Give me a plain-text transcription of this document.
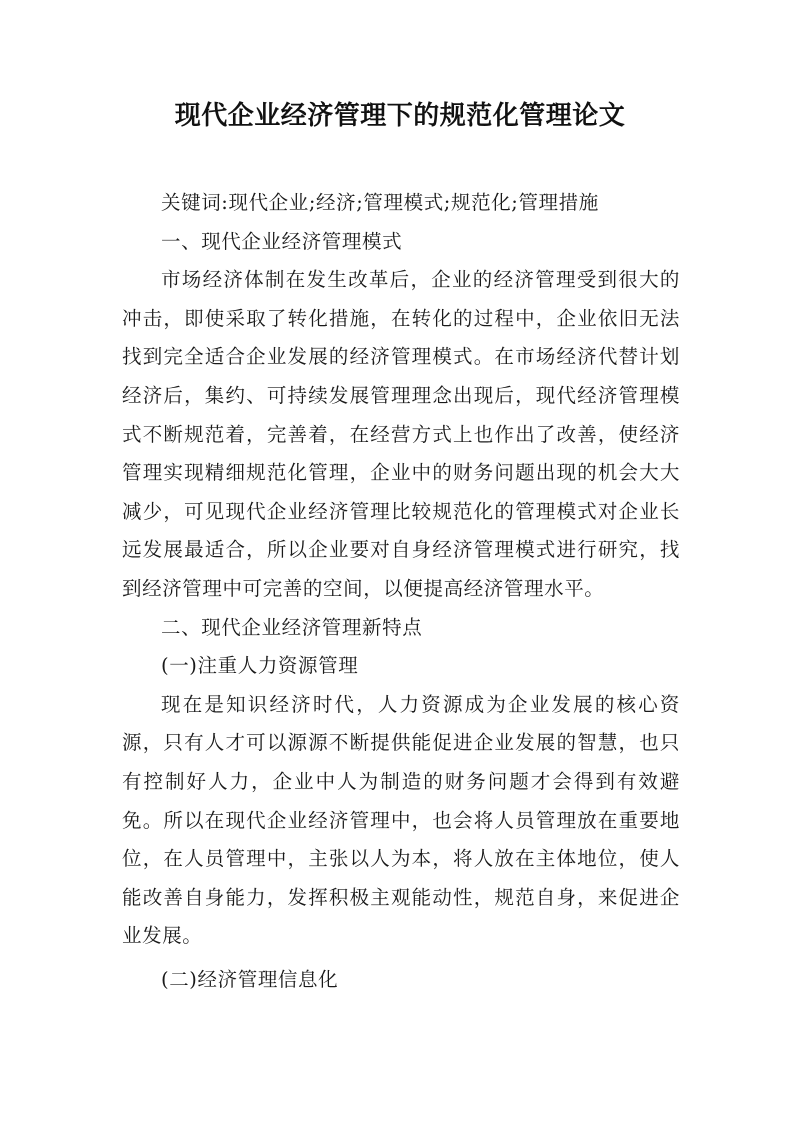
现代企业经济管理下的规范化管理论文

关键词:现代企业;经济;管理模式;规范化;管理措施

一、现代企业经济管理模式

市场经济体制在发生改革后，企业的经济管理受到很大的冲击，即使采取了转化措施，在转化的过程中，企业依旧无法找到完全适合企业发展的经济管理模式。在市场经济代替计划经济后，集约、可持续发展管理理念出现后，现代经济管理模式不断规范着，完善着，在经营方式上也作出了改善，使经济管理实现精细规范化管理，企业中的财务问题出现的机会大大减少，可见现代企业经济管理比较规范化的管理模式对企业长远发展最适合，所以企业要对自身经济管理模式进行研究，找到经济管理中可完善的空间，以便提高经济管理水平。

二、现代企业经济管理新特点

(一)注重人力资源管理

现在是知识经济时代，人力资源成为企业发展的核心资源，只有人才可以源源不断提供能促进企业发展的智慧，也只有控制好人力，企业中人为制造的财务问题才会得到有效避免。所以在现代企业经济管理中，也会将人员管理放在重要地位，在人员管理中，主张以人为本，将人放在主体地位，使人能改善自身能力，发挥积极主观能动性，规范自身，来促进企业发展。

(二)经济管理信息化
